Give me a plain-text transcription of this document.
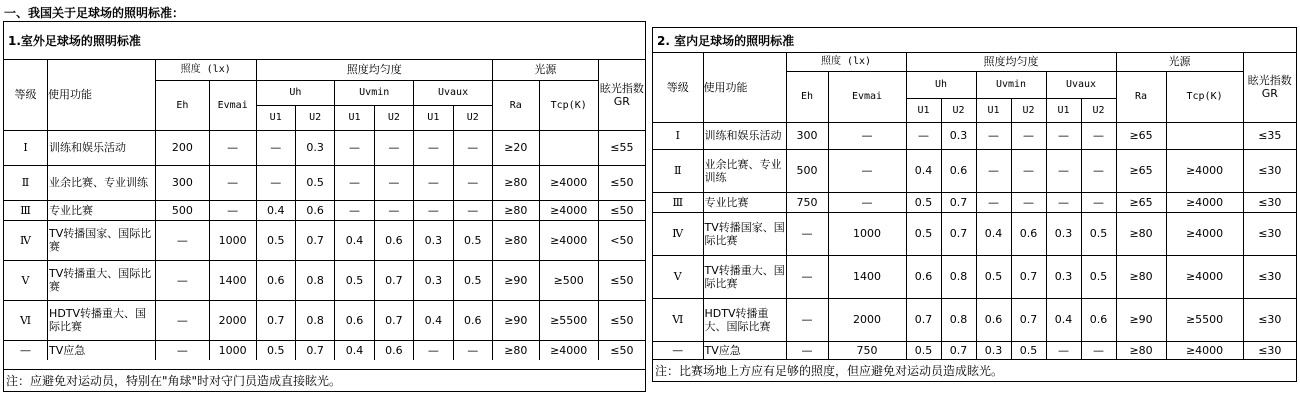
一、我国关于足球场的照明标准：
1.室外足球场的照明标准
等级	使用功能	照度 (lx)		照度均匀度						光源		眩光指数GR
		Eh	Evmai	Uh		Uvmin		Uvaux		Ra	Tcp(K)	
				U1	U2	U1	U2	U1	U2			
Ⅰ	训练和娱乐活动	200	—	—	0.3	—	—	—	—	≥20		≤55
Ⅱ	业余比赛、专业训练	300	—	—	0.5	—	—	—	—	≥80	≥4000	≤50
Ⅲ	专业比赛	500	—	0.4	0.6	—	—	—	—	≥80	≥4000	≤50
Ⅳ	TV转播国家、国际比赛	—	1000	0.5	0.7	0.4	0.6	0.3	0.5	≥80	≥4000	<50
Ⅴ	TV转播重大、国际比赛	—	1400	0.6	0.8	0.5	0.7	0.3	0.5	≥90	≥500	≤50
Ⅵ	HDTV转播重大、国际比赛	—	2000	0.7	0.8	0.6	0.7	0.4	0.6	≥90	≥5500	≤50
—	TV应急	—	1000	0.5	0.7	0.4	0.6	—	—	≥80	≥4000	≤50
注：应避免对运动员，特别在"角球"时对守门员造成直接眩光。
2. 室内足球场的照明标准
等级	使用功能	照度 (lx)		照度均匀度						光源		眩光指数GR
		Eh	Evmai	Uh		Uvmin		Uvaux		Ra	Tcp(K)	
				U1	U2	U1	U2	U1	U2			
Ⅰ	训练和娱乐活动	300	—	—	0.3	—	—	—	—	≥65		≤35
Ⅱ	业余比赛、专业训练	500	—	0.4	0.6	—	—	—	—	≥65	≥4000	≤30
Ⅲ	专业比赛	750	—	0.5	0.7	—	—	—	—	≥65	≥4000	≤30
Ⅳ	TV转播国家、国际比赛	—	1000	0.5	0.7	0.4	0.6	0.3	0.5	≥80	≥4000	≤30
Ⅴ	TV转播重大、国际比赛	—	1400	0.6	0.8	0.5	0.7	0.3	0.5	≥80	≥4000	≤30
Ⅵ	HDTV转播重大、国际比赛	—	2000	0.7	0.8	0.6	0.7	0.4	0.6	≥90	≥5500	≤30
—	TV应急	—	750	0.5	0.7	0.3	0.5	—	—	≥80	≥4000	≤30
注：比赛场地上方应有足够的照度，但应避免对运动员造成眩光。
